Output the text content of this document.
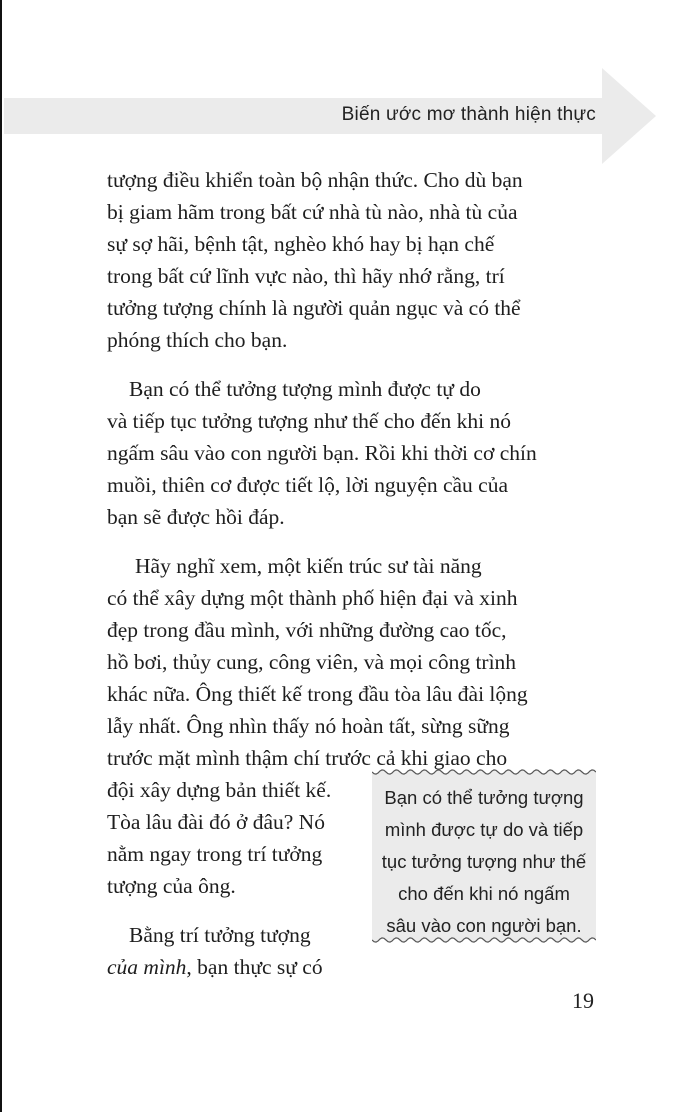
Biến ước mơ thành hiện thực

tượng điều khiển toàn bộ nhận thức. Cho dù bạn
bị giam hãm trong bất cứ nhà tù nào, nhà tù của
sự sợ hãi, bệnh tật, nghèo khó hay bị hạn chế
trong bất cứ lĩnh vực nào, thì hãy nhớ rằng, trí
tưởng tượng chính là người quản ngục và có thể
phóng thích cho bạn.

Bạn có thể tưởng tượng mình được tự do
và tiếp tục tưởng tượng như thế cho đến khi nó
ngấm sâu vào con người bạn. Rồi khi thời cơ chín
muồi, thiên cơ được tiết lộ, lời nguyện cầu của
bạn sẽ được hồi đáp.

Hãy nghĩ xem, một kiến trúc sư tài năng
có thể xây dựng một thành phố hiện đại và xinh
đẹp trong đầu mình, với những đường cao tốc,
hồ bơi, thủy cung, công viên, và mọi công trình
khác nữa. Ông thiết kế trong đầu tòa lâu đài lộng
lẫy nhất. Ông nhìn thấy nó hoàn tất, sừng sững
trước mặt mình thậm chí trước cả khi giao cho
đội xây dựng bản thiết kế.
Tòa lâu đài đó ở đâu? Nó
nằm ngay trong trí tưởng
tượng của ông.

Bằng trí tưởng tượng
của mình, bạn thực sự có

Bạn có thể tưởng tượng
mình được tự do và tiếp
tục tưởng tượng như thế
cho đến khi nó ngấm
sâu vào con người bạn.
19
